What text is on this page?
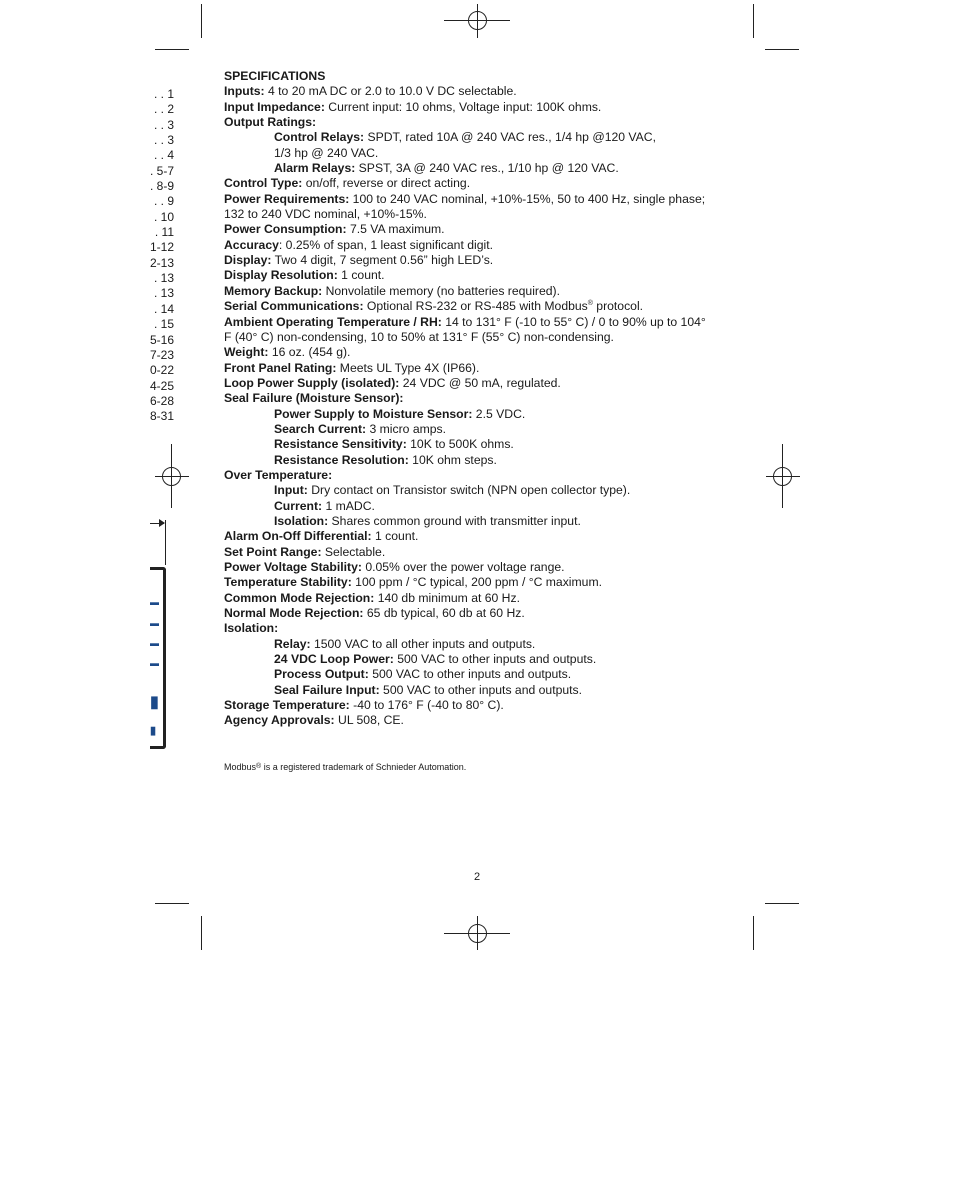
. . 1
. . 2
. . 3
. . 3
. . 4
. 5-7
. 8-9
. . 9
. 10
. 11
1-12
2-13
. 13
. 13
. 14
. 15
5-16
7-23
0-22
4-25
6-28
8-31
▬
▬
▬
▬
▮
▮
SPECIFICATIONS
Inputs: 4 to 20 mA DC or 2.0 to 10.0 V DC selectable.
Input Impedance: Current input: 10 ohms, Voltage input: 100K ohms.
Output Ratings:
Control Relays: SPDT, rated 10A @ 240 VAC res., 1/4 hp @120 VAC,
1/3 hp @ 240 VAC.
Alarm Relays: SPST, 3A @ 240 VAC res., 1/10 hp @ 120 VAC.
Control Type: on/off, reverse or direct acting.
Power Requirements: 100 to 240 VAC nominal, +10%-15%, 50 to 400 Hz, single phase;
132 to 240 VDC nominal, +10%-15%.
Power Consumption: 7.5 VA maximum.
Accuracy: 0.25% of span, 1 least significant digit.
Display: Two 4 digit, 7 segment 0.56” high LED’s.
Display Resolution: 1 count.
Memory Backup: Nonvolatile memory (no batteries required).
Serial Communications: Optional RS-232 or RS-485 with Modbus® protocol.
Ambient Operating Temperature / RH: 14 to 131° F (-10 to 55° C) / 0 to 90% up to 104°
F (40° C) non-condensing, 10 to 50% at 131° F (55° C) non-condensing.
Weight: 16 oz. (454 g).
Front Panel Rating: Meets UL Type 4X (IP66).
Loop Power Supply (isolated): 24 VDC @ 50 mA, regulated.
Seal Failure (Moisture Sensor):
Power Supply to Moisture Sensor: 2.5 VDC.
Search Current: 3 micro amps.
Resistance Sensitivity: 10K to 500K ohms.
Resistance Resolution: 10K ohm steps.
Over Temperature:
Input: Dry contact on Transistor switch (NPN open collector type).
Current: 1 mADC.
Isolation: Shares common ground with transmitter input.
Alarm On-Off Differential: 1 count.
Set Point Range: Selectable.
Power Voltage Stability: 0.05% over the power voltage range.
Temperature Stability: 100 ppm / °C typical, 200 ppm / °C maximum.
Common Mode Rejection: 140 db minimum at 60 Hz.
Normal Mode Rejection: 65 db typical, 60 db at 60 Hz.
Isolation:
Relay: 1500 VAC to all other inputs and outputs.
24 VDC Loop Power: 500 VAC to other inputs and outputs.
Process Output: 500 VAC to other inputs and outputs.
Seal Failure Input: 500 VAC to other inputs and outputs.
Storage Temperature: -40 to 176° F (-40 to 80° C).
Agency Approvals: UL 508, CE.
Modbus® is a registered trademark of Schnieder Automation.
2
